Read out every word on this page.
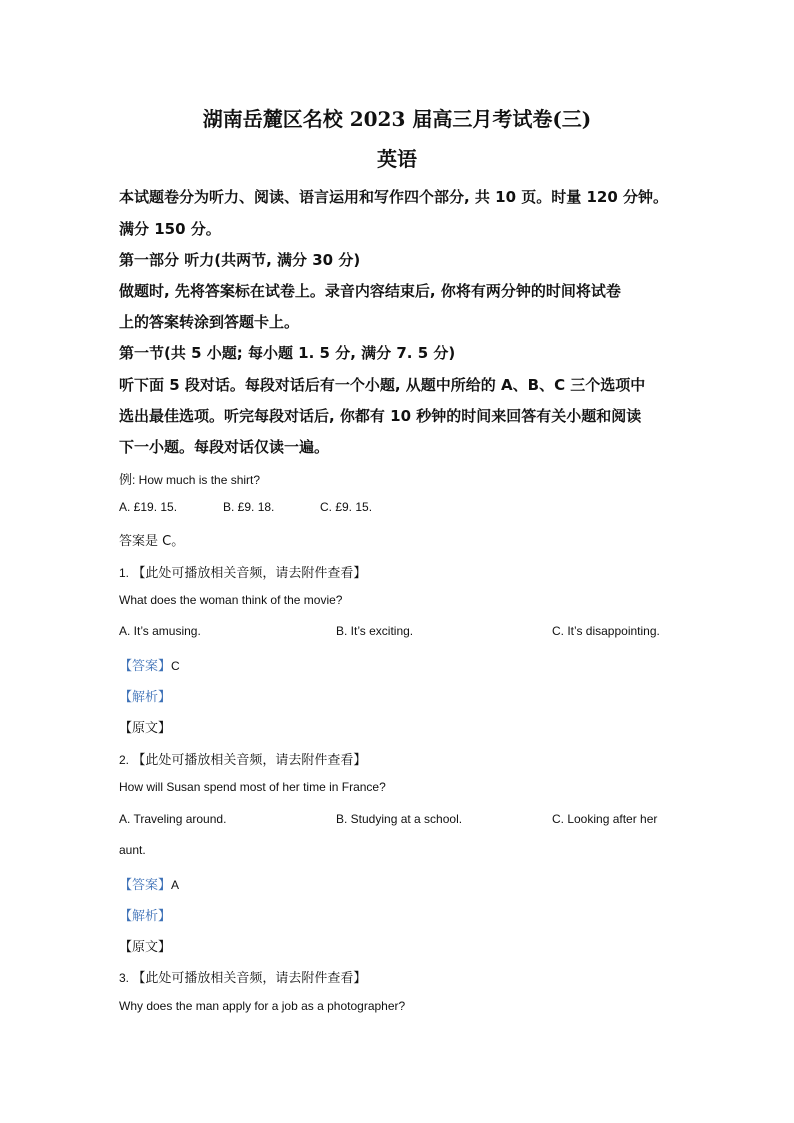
湖南岳麓区名校 2023 届高三月考试卷(三)
英语
本试题卷分为听力、阅读、语言运用和写作四个部分, 共 10 页。时量 120 分钟。
满分 150 分。
第一部分 听力(共两节, 满分 30 分)
做题时, 先将答案标在试卷上。录音内容结束后, 你将有两分钟的时间将试卷
上的答案转涂到答题卡上。
第一节(共 5 小题; 每小题 1. 5 分, 满分 7. 5 分)
听下面 5 段对话。每段对话后有一个小题, 从题中所给的 A、B、C 三个选项中
选出最佳选项。听完每段对话后, 你都有 10 秒钟的时间来回答有关小题和阅读
下一小题。每段对话仅读一遍。
例: How much is the shirt?
A. £19. 15.	B. £9. 18.	C. £9. 15.
答案是 C。
1. 【此处可播放相关音频，请去附件查看】
What does the woman think of the movie?
A. It’s amusing.	B. It’s exciting.	C. It’s disappointing.
【答案】C
【解析】
【原文】
2. 【此处可播放相关音频，请去附件查看】
How will Susan spend most of her time in France?
A. Traveling around.	B. Studying at a school.	C. Looking after her
aunt.
【答案】A
【解析】
【原文】
3. 【此处可播放相关音频，请去附件查看】
Why does the man apply for a job as a photographer?
